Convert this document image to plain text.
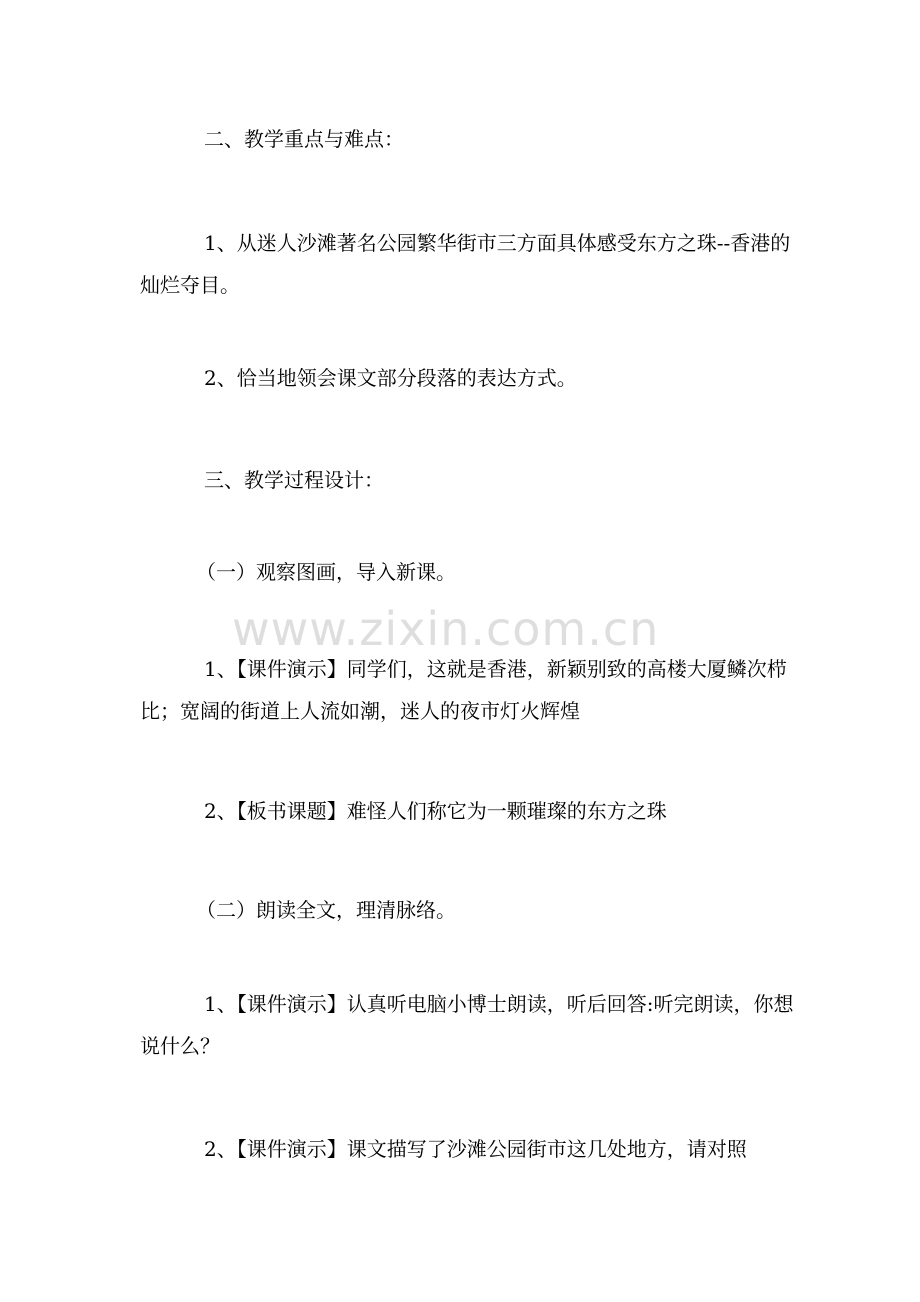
二、教学重点与难点：

1、从迷人沙滩著名公园繁华街市三方面具体感受东方之珠--香港的灿烂夺目。

2、恰当地领会课文部分段落的表达方式。

三、教学过程设计：

（一）观察图画，导入新课。

1、【课件演示】同学们，这就是香港，新颖别致的高楼大厦鳞次栉比；宽阔的街道上人流如潮，迷人的夜市灯火辉煌

2、【板书课题】难怪人们称它为一颗璀璨的东方之珠

（二）朗读全文，理清脉络。

1、【课件演示】认真听电脑小博士朗读，听后回答:听完朗读，你想说什么？

2、【课件演示】课文描写了沙滩公园街市这几处地方，请对照

www.zixin.com.cn
